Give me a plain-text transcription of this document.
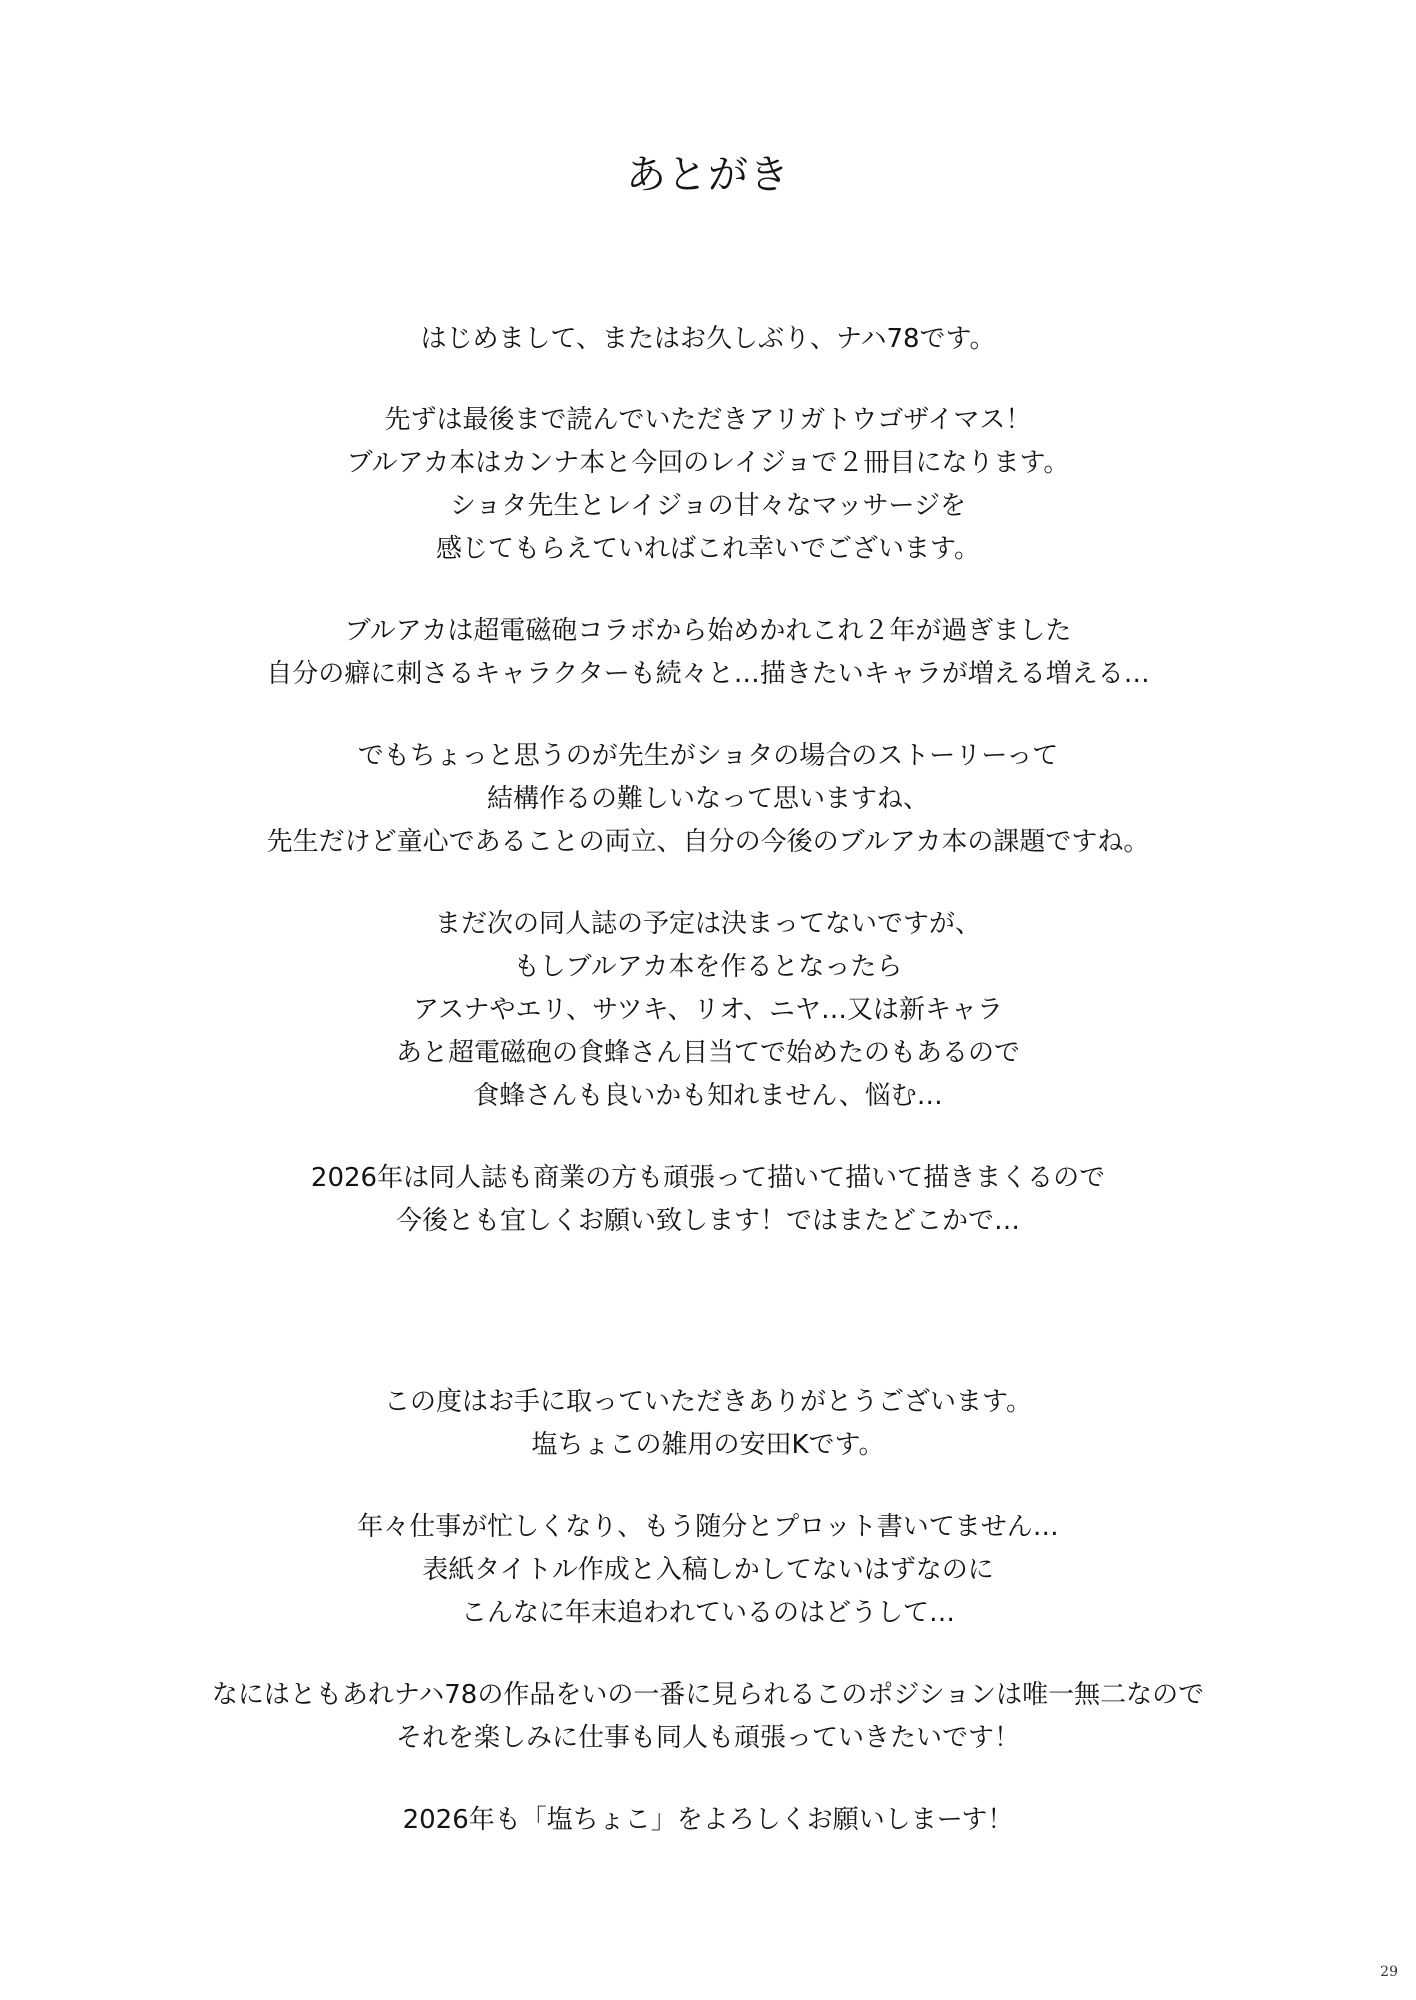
あとがき
はじめまして、またはお久しぶり、ナハ78です。
先ずは最後まで読んでいただきアリガトウゴザイマス！
ブルアカ本はカンナ本と今回のレイジョで２冊目になります。
ショタ先生とレイジョの甘々なマッサージを
感じてもらえていればこれ幸いでございます。
ブルアカは超電磁砲コラボから始めかれこれ２年が過ぎました
自分の癖に刺さるキャラクターも続々と…描きたいキャラが増える増える…
でもちょっと思うのが先生がショタの場合のストーリーって
結構作るの難しいなって思いますね、
先生だけど童心であることの両立、自分の今後のブルアカ本の課題ですね。
まだ次の同人誌の予定は決まってないですが、
もしブルアカ本を作るとなったら
アスナやエリ、サツキ、リオ、ニヤ…又は新キャラ
あと超電磁砲の食蜂さん目当てで始めたのもあるので
食蜂さんも良いかも知れません、悩む…
2026年は同人誌も商業の方も頑張って描いて描いて描きまくるので
今後とも宜しくお願い致します！ではまたどこかで…
この度はお手に取っていただきありがとうございます。
塩ちょこの雑用の安田Kです。
年々仕事が忙しくなり、もう随分とプロット書いてません…
表紙タイトル作成と入稿しかしてないはずなのに
こんなに年末追われているのはどうして…
なにはともあれナハ78の作品をいの一番に見られるこのポジションは唯一無二なので
それを楽しみに仕事も同人も頑張っていきたいです！
2026年も「塩ちょこ」をよろしくお願いしまーす！
29
